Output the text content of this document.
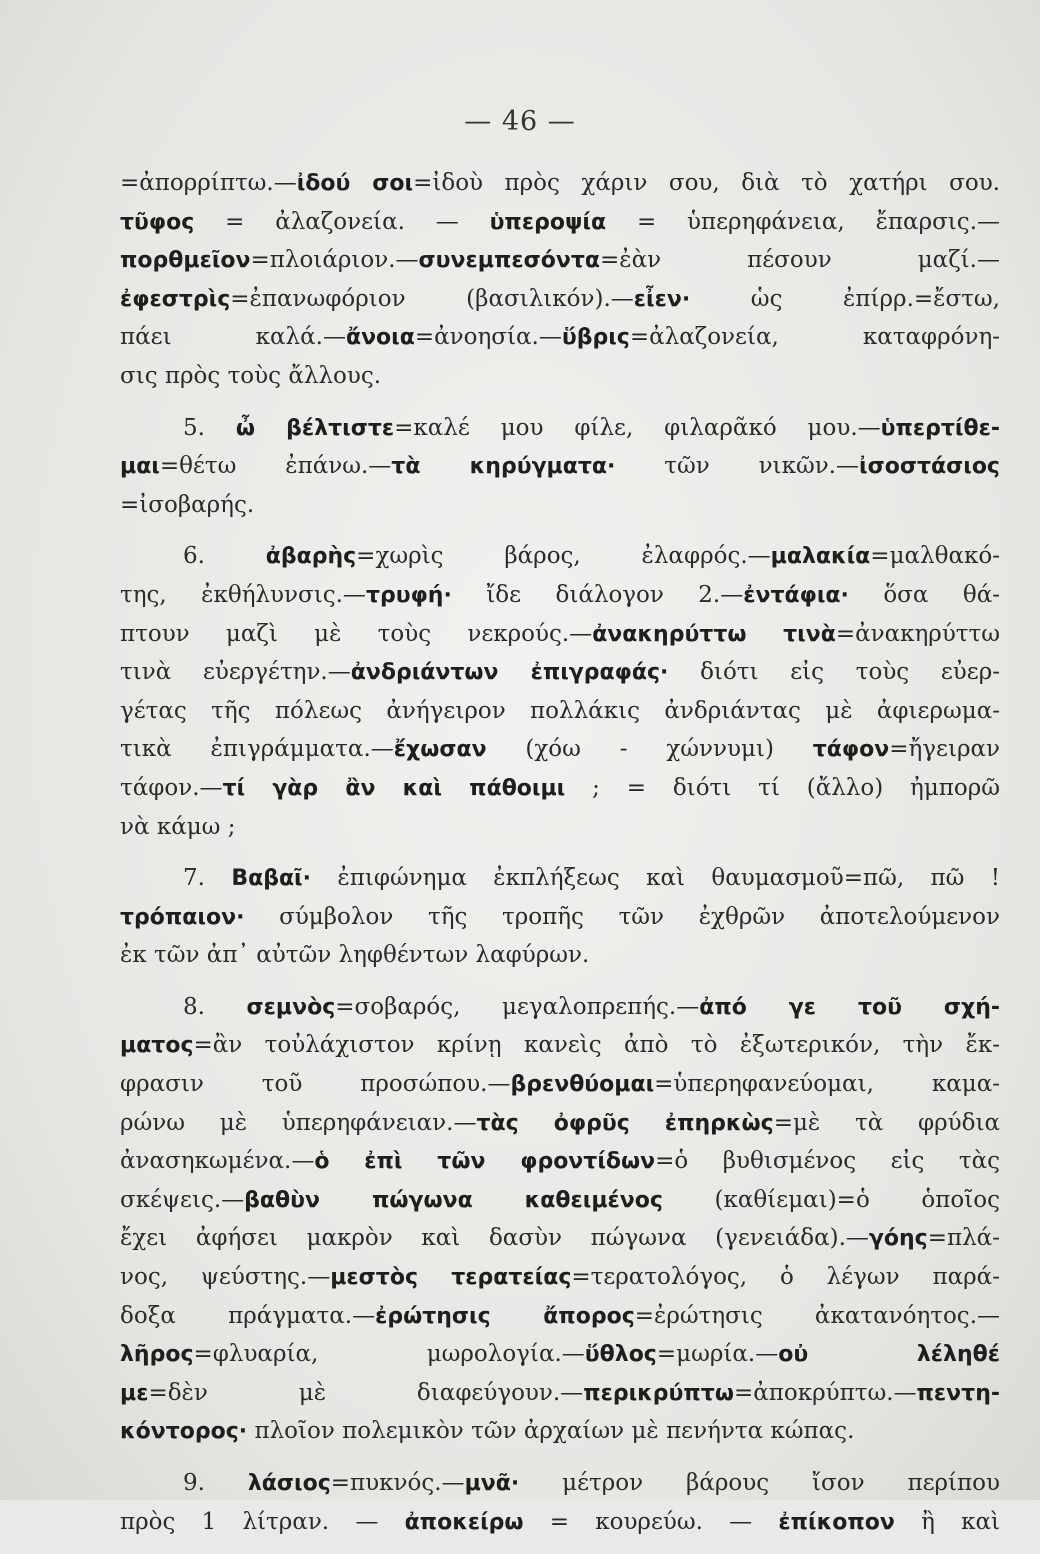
— 46 —
=ἀπορρίπτω.—ἰδού σοι=ἰδοὺ πρὸς χάριν σου, διὰ τὸ χατήρι σου.
τῦφος = ἀλαζονεία. — ὑπεροψία = ὑπερηφάνεια, ἔπαρσις.—
πορθμεῖον=πλοιάριον.—συνεμπεσόντα=ἐὰν πέσουν μαζί.—
ἐφεστρὶς=ἐπανωφόριον (βασιλικόν).—εἶεν· ὡς ἐπίρρ.=ἔστω,
πάει καλά.—ἄνοια=ἀνοησία.—ὕβρις=ἀλαζονεία, καταφρόνη-
σις πρὸς τοὺς ἄλλους.
5. ὦ βέλτιστε=καλέ μου φίλε, φιλαρᾶκό μου.—ὑπερτίθε-
μαι=θέτω ἐπάνω.—τὰ κηρύγματα· τῶν νικῶν.—ἰσοστάσιος
=ἰσοβαρής.
6. ἀβαρὴς=χωρὶς βάρος, ἐλαφρός.—μαλακία=μαλθακό-
της, ἐκθήλυνσις.—τρυφή· ἴδε διάλογον 2.—ἐντάφια· ὅσα θά-
πτουν μαζὶ μὲ τοὺς νεκρούς.—ἀνακηρύττω τινὰ=ἀνακηρύττω
τινὰ εὐεργέτην.—ἀνδριάντων ἐπιγραφάς· διότι εἰς τοὺς εὐερ-
γέτας τῆς πόλεως ἀνήγειρον πολλάκις ἀνδριάντας μὲ ἀφιερωμα-
τικὰ ἐπιγράμματα.—ἔχωσαν (χόω - χώννυμι) τάφον=ἤγειραν
τάφον.—τί γὰρ ἂν καὶ πάθοιμι ; = διότι τί (ἄλλο) ἠμπορῶ
νὰ κάμω ;
7. Βαβαῖ· ἐπιφώνημα ἐκπλήξεως καὶ θαυμασμοῦ=πῶ, πῶ !
τρόπαιον· σύμβολον τῆς τροπῆς τῶν ἐχθρῶν ἀποτελούμενον
ἐκ τῶν ἀπ᾽ αὐτῶν ληφθέντων λαφύρων.
8. σεμνὸς=σοβαρός, μεγαλοπρεπής.—ἀπό γε τοῦ σχή-
ματος=ἂν τοὐλάχιστον κρίνῃ κανεὶς ἀπὸ τὸ ἐξωτερικόν, τὴν ἔκ-
φρασιν τοῦ προσώπου.—βρενθύομαι=ὑπερηφανεύομαι, καμα-
ρώνω μὲ ὑπερηφάνειαν.—τὰς ὀφρῦς ἐπηρκὼς=μὲ τὰ φρύδια
ἀνασηκωμένα.—ὁ ἐπὶ τῶν φροντίδων=ὁ βυθισμένος εἰς τὰς
σκέψεις.—βαθὺν πώγωνα καθειμένος (καθίεμαι)=ὁ ὁποῖος
ἔχει ἀφήσει μακρὸν καὶ δασὺν πώγωνα (γενειάδα).—γόης=πλά-
νος, ψεύστης.—μεστὸς τερατείας=τερατολόγος, ὁ λέγων παρά-
δοξα πράγματα.—ἐρώτησις ἄπορος=ἐρώτησις ἀκατανόητος.—
λῆρος=φλυαρία, μωρολογία.—ὕθλος=μωρία.—οὐ λέληθέ
με=δὲν μὲ διαφεύγουν.—περικρύπτω=ἀποκρύπτω.—πεντη-
κόντορος· πλοῖον πολεμικὸν τῶν ἀρχαίων μὲ πενήντα κώπας.
9. λάσιος=πυκνός.—μνᾶ· μέτρον βάρους ἴσον περίπου
πρὸς 1 λίτραν. — ἀποκείρω = κουρεύω. — ἐπίκοπον ἢ καὶ
